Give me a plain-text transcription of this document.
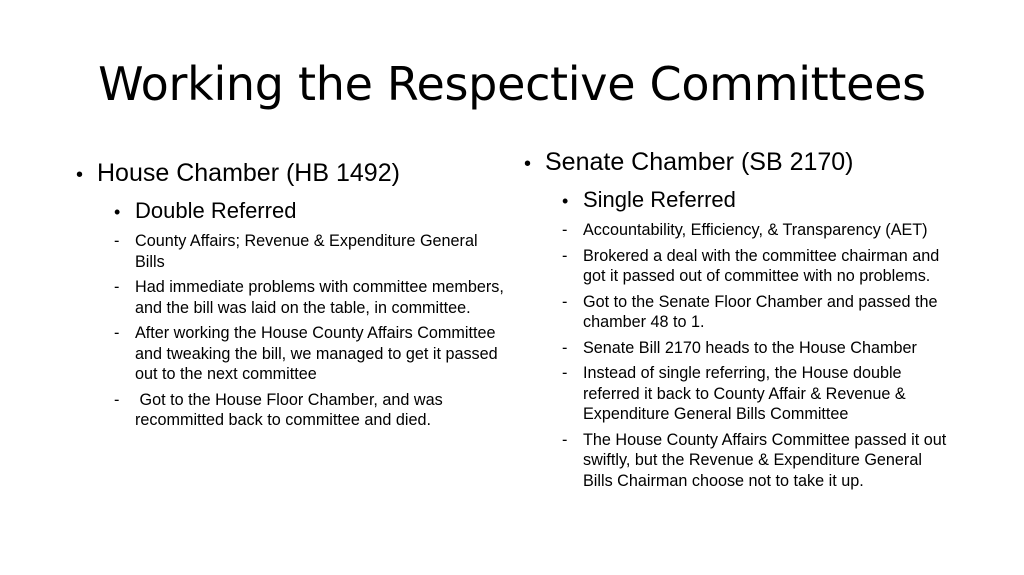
Working the Respective Committees
• House Chamber (HB 1492)
• Double Referred
- County Affairs; Revenue & Expenditure General Bills
- Had immediate problems with committee members, and the bill was laid on the table, in committee.
- After working the House County Affairs Committee and tweaking the bill, we managed to get it passed out to the next committee
- Got to the House Floor Chamber, and was recommitted back to committee and died.
• Senate Chamber (SB 2170)
• Single Referred
- Accountability, Efficiency, & Transparency (AET)
- Brokered a deal with the committee chairman and got it passed out of committee with no problems.
- Got to the Senate Floor Chamber and passed the chamber 48 to 1.
- Senate Bill 2170 heads to the House Chamber
- Instead of single referring, the House double referred it back to County Affair & Revenue & Expenditure General Bills Committee
- The House County Affairs Committee passed it out swiftly, but the Revenue & Expenditure General Bills Chairman choose not to take it up.
